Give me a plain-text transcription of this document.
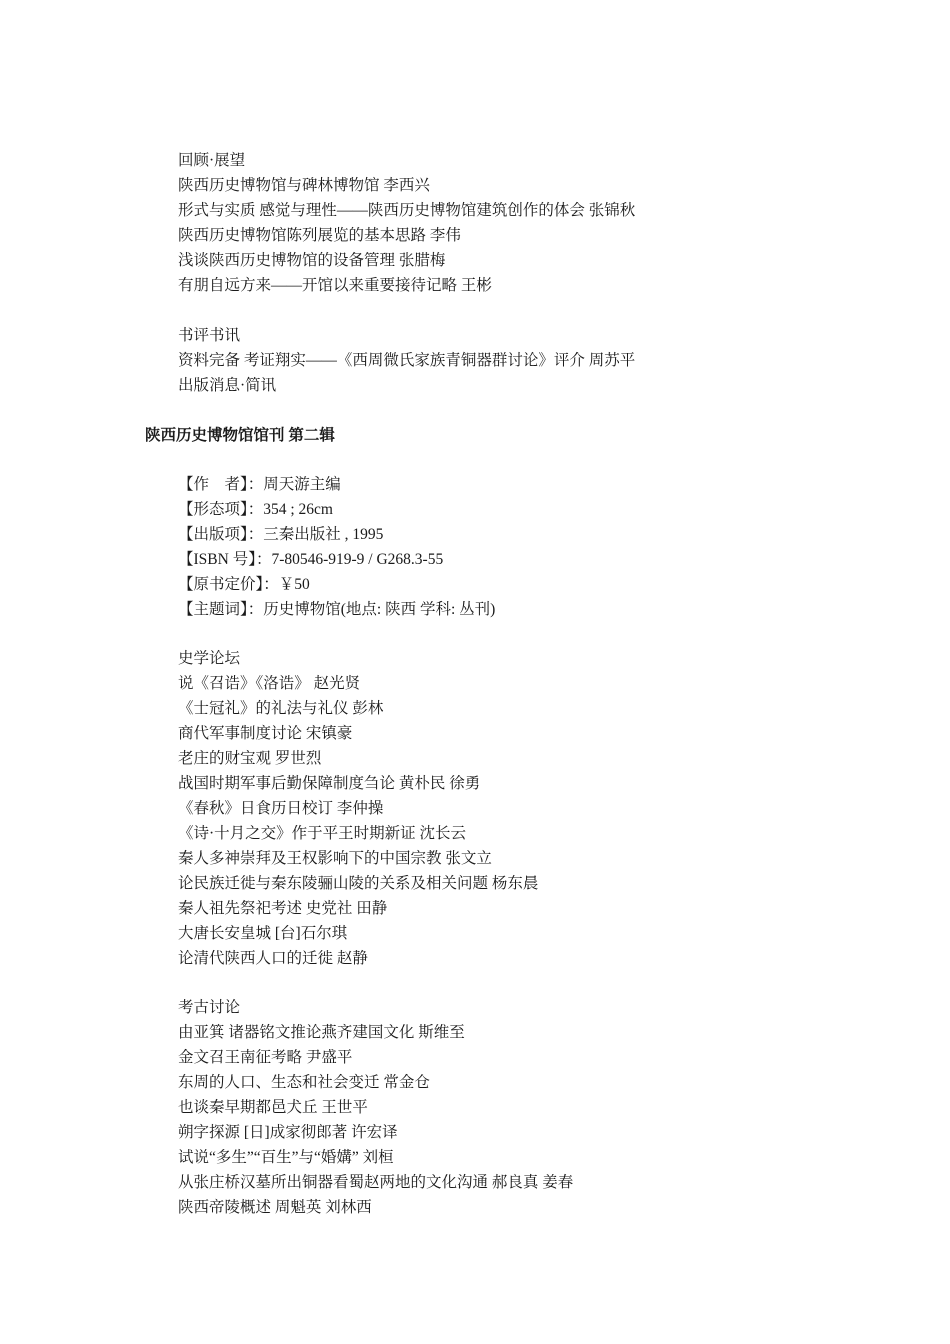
回顾·展望
陕西历史博物馆与碑林博物馆 李西兴
形式与实质 感觉与理性——陕西历史博物馆建筑创作的体会 张锦秋
陕西历史博物馆陈列展览的基本思路 李伟
浅谈陕西历史博物馆的设备管理 张腊梅
有朋自远方来——开馆以来重要接待记略 王彬
书评书讯
资料完备 考证翔实——《西周微氏家族青铜器群讨论》评介 周苏平
出版消息·简讯
陕西历史博物馆馆刊 第二辑
【作　者】：周天游主编
【形态项】：354 ; 26cm
【出版项】：三秦出版社 , 1995
【ISBN 号】：7-80546-919-9 / G268.3-55
【原书定价】：￥50
【主题词】：历史博物馆(地点: 陕西 学科: 丛刊)
史学论坛
说《召诰》《洛诰》 赵光贤
《士冠礼》的礼法与礼仪 彭林
商代军事制度讨论 宋镇豪
老庄的财宝观 罗世烈
战国时期军事后勤保障制度刍论 黄朴民 徐勇
《春秋》日食历日校订 李仲操
《诗·十月之交》作于平王时期新证 沈长云
秦人多神崇拜及王权影响下的中国宗教 张文立
论民族迁徙与秦东陵骊山陵的关系及相关问题 杨东晨
秦人祖先祭祀考述 史党社 田静
大唐长安皇城 [台]石尔琪
论清代陕西人口的迁徙 赵静
考古讨论
由亚箕 诸器铭文推论燕齐建国文化 斯维至
金文召王南征考略 尹盛平
东周的人口、生态和社会变迁 常金仓
也谈秦早期都邑犬丘 王世平
朔字探源 [日]成家彻郎著 许宏译
试说“多生”“百生”与“婚媾” 刘桓
从张庄桥汉墓所出铜器看蜀赵两地的文化沟通 郝良真 姜春
陕西帝陵概述 周魁英 刘林西
